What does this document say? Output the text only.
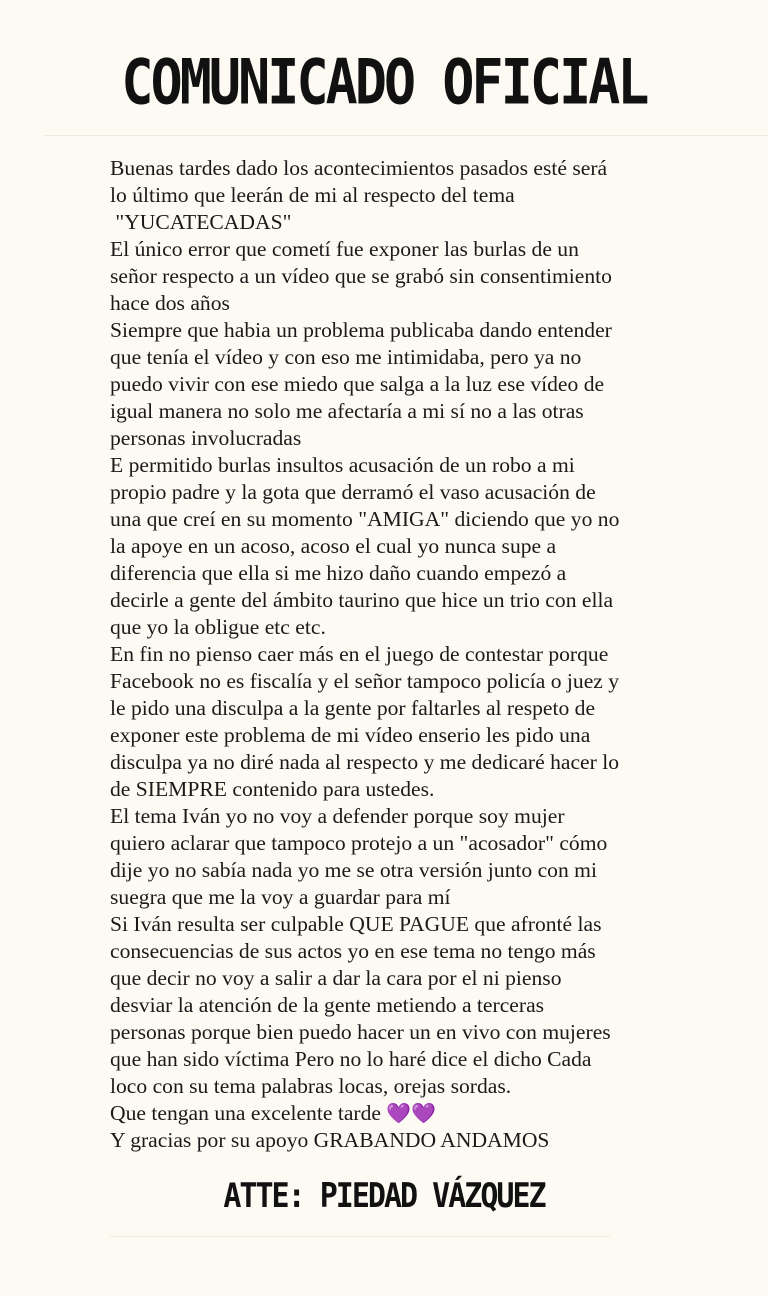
COMUNICADO OFICIAL
Buenas tardes dado los acontecimientos pasados esté será
lo último que leerán de mi al respecto del tema
"YUCATECADAS"
El único error que cometí fue exponer las burlas de un
señor respecto a un vídeo que se grabó sin consentimiento
hace dos años
Siempre que habia un problema publicaba dando entender
que tenía el vídeo y con eso me intimidaba, pero ya no
puedo vivir con ese miedo que salga a la luz ese vídeo de
igual manera no solo me afectaría a mi sí no a las otras
personas involucradas
E permitido burlas insultos acusación de un robo a mi
propio padre y la gota que derramó el vaso acusación de
una que creí en su momento "AMIGA" diciendo que yo no
la apoye en un acoso, acoso el cual yo nunca supe a
diferencia que ella si me hizo daño cuando empezó a
decirle a gente del ámbito taurino que hice un trio con ella
que yo la obligue etc etc.
En fin no pienso caer más en el juego de contestar porque
Facebook no es fiscalía y el señor tampoco policía o juez y
le pido una disculpa a la gente por faltarles al respeto de
exponer este problema de mi vídeo enserio les pido una
disculpa ya no diré nada al respecto y me dedicaré hacer lo
de SIEMPRE contenido para ustedes.
El tema Iván yo no voy a defender porque soy mujer
quiero aclarar que tampoco protejo a un "acosador" cómo
dije yo no sabía nada yo me se otra versión junto con mi
suegra que me la voy a guardar para mí
Si Iván resulta ser culpable QUE PAGUE que afronté las
consecuencias de sus actos yo en ese tema no tengo más
que decir no voy a salir a dar la cara por el ni pienso
desviar la atención de la gente metiendo a terceras
personas porque bien puedo hacer un en vivo con mujeres
que han sido víctima Pero no lo haré dice el dicho Cada
loco con su tema palabras locas, orejas sordas.
Que tengan una excelente tarde 💜💜
Y gracias por su apoyo GRABANDO ANDAMOS
ATTE: PIEDAD VÁZQUEZ
